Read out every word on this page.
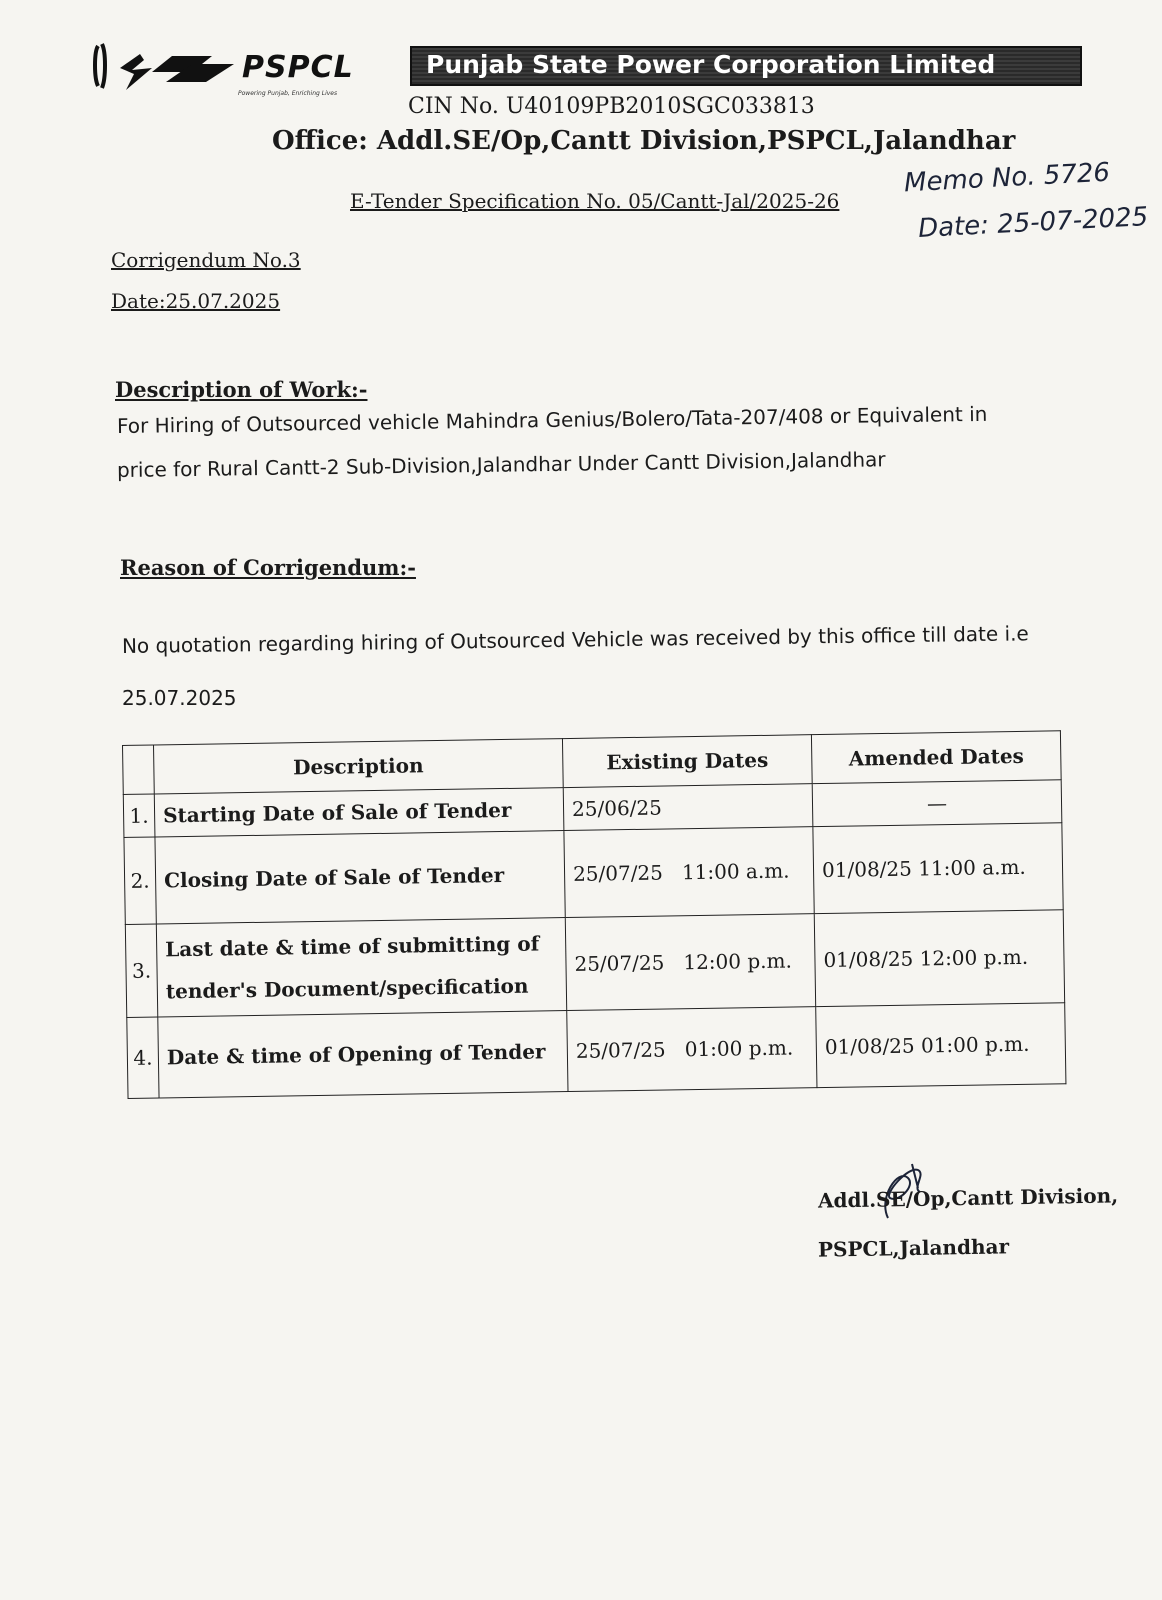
PSPCL
Powering Punjab, Enriching Lives
Punjab State Power Corporation Limited
CIN No. U40109PB2010SGC033813
Office: Addl.SE/Op,Cantt Division,PSPCL,Jalandhar
E-Tender Specification No. 05/Cantt-Jal/2025-26
Memo No. 5726
Date: 25-07-2025
Corrigendum No.3
Date:25.07.2025
Description of Work:-
For Hiring of Outsourced vehicle Mahindra Genius/Bolero/Tata-207/408 or Equivalent in
price for Rural Cantt-2 Sub-Division,Jalandhar Under Cantt Division,Jalandhar
Reason of Corrigendum:-
No quotation regarding hiring of Outsourced Vehicle was received by this office till date i.e
25.07.2025
	Description	Existing Dates	Amended Dates
1.	Starting Date of Sale of Tender	25/06/25	—
2.	Closing Date of Sale of Tender	25/07/25   11:00 a.m.	01/08/25 11:00 a.m.
3.	Last date & time of submitting of tender's Document/specification	25/07/25   12:00 p.m.	01/08/25 12:00 p.m.
4.	Date & time of Opening of Tender	25/07/25   01:00 p.m.	01/08/25 01:00 p.m.
Addl.SE/Op,Cantt Division,
PSPCL,Jalandhar
